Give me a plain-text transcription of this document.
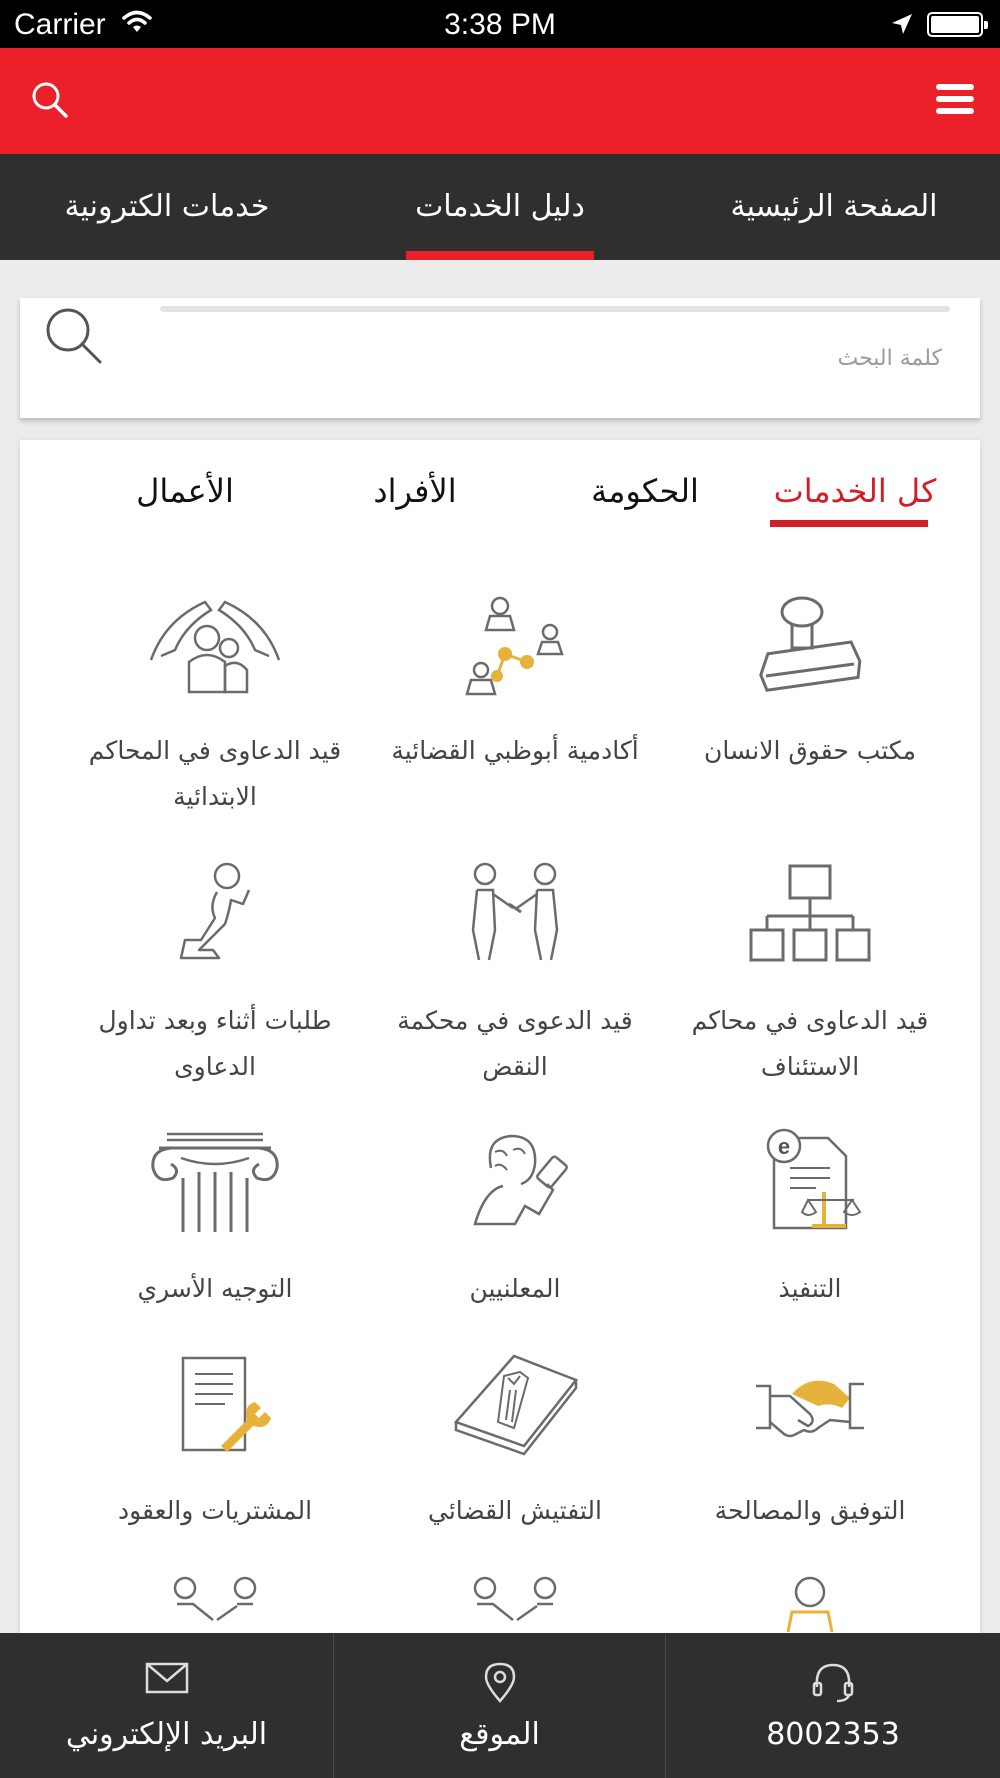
Carrier	3:38 PM
الصفحة الرئيسية
دليل الخدمات
خدمات الكترونية
كلمة البحث
كل الخدمات
الحكومة
الأفراد
الأعمال
مكتب حقوق الانسان
أكادمية أبوظبي القضائية
قيد الدعاوى في المحاكم الابتدائية
قيد الدعاوى في محاكم الاستئناف
قيد الدعوى في محكمة النقض
طلبات أثناء وبعد تداول الدعاوى
e
التنفيذ
المعلنيين
التوجيه الأسري
التوفيق والمصالحة
التفتيش القضائي
المشتريات والعقود
8002353
الموقع
البريد الإلكتروني
